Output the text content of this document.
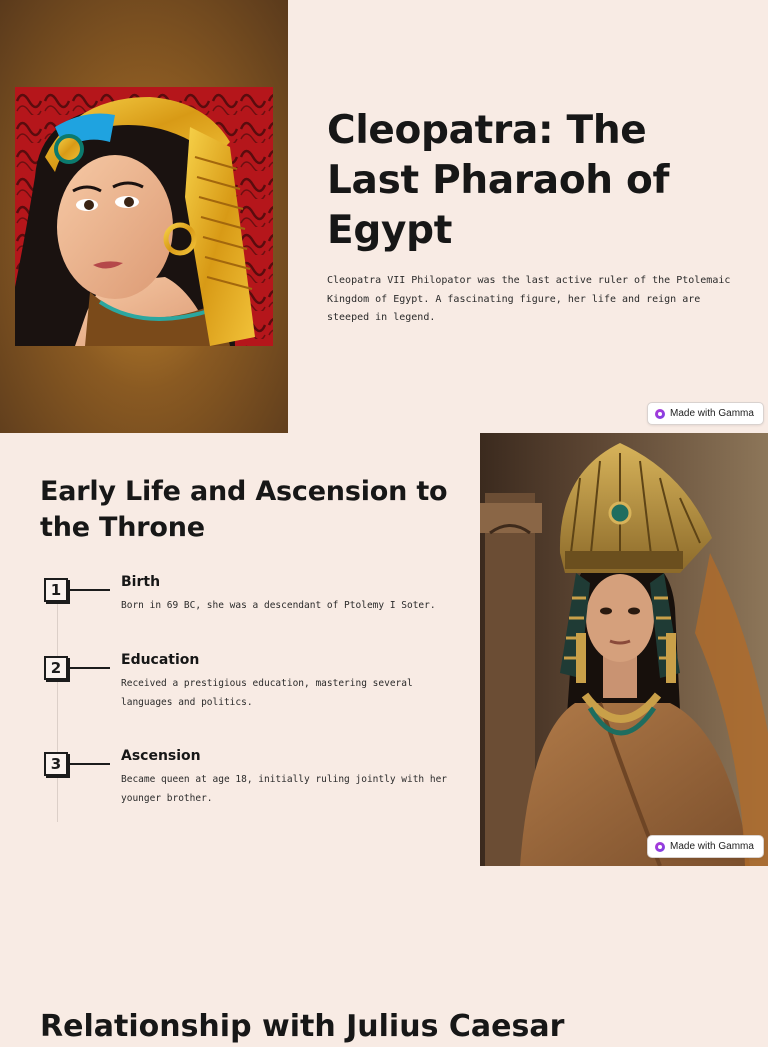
Cleopatra: The Last Pharaoh of Egypt

Cleopatra VII Philopator was the last active ruler of the Ptolemaic Kingdom of Egypt. A fascinating figure, her life and reign are steeped in legend.

Made with Gamma
Early Life and Ascension to the Throne
1	Birth

Born in 69 BC, she was a descendant of Ptolemy I Soter.

2	Education

Received a prestigious education, mastering several languages and politics.

3	Ascension

Became queen at age 18, initially ruling jointly with her younger brother.

Made with Gamma
Relationship with Julius Caesar
